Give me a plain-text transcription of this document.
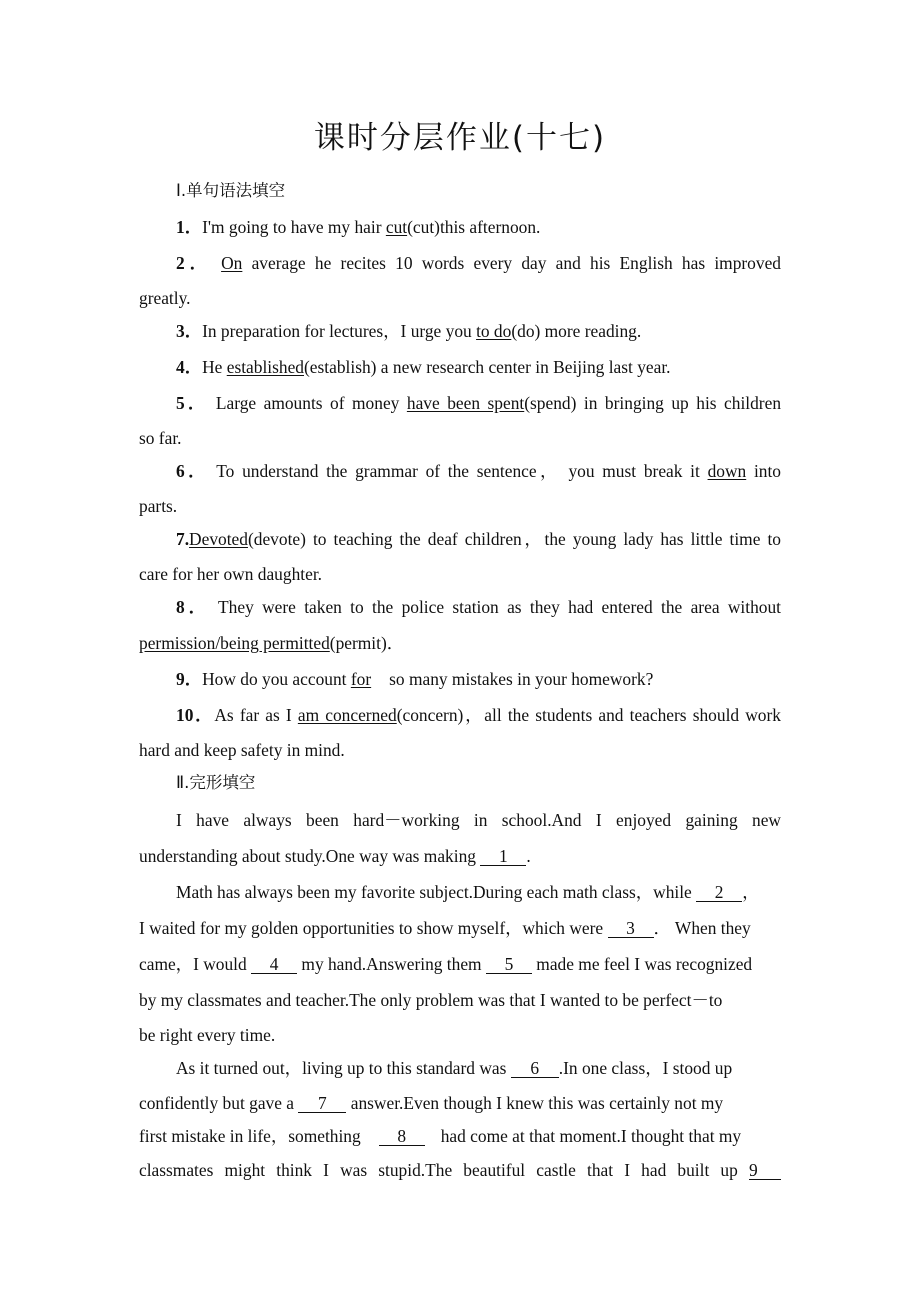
课时分层作业(十七)
Ⅰ.单句语法填空
1．I'm going to have my hair cut(cut)this afternoon.
2． On average he recites 10 words every day and his English has improved
greatly.
3．In preparation for lectures，I urge you to do(do) more reading.
4．He established(establish) a new research center in Beijing last year.
5． Large amounts of money have been spent(spend) in bringing up his children
so far.
6． To understand the grammar of the sentence， you must break it down into
parts.
7.Devoted(devote) to teaching the deaf children，the young lady has little time to
care for her own daughter.
8． They were taken to the police station as they had entered the area without
permission/being permitted(permit)．
9．How do you account for so many mistakes in your homework?
10．As far as I am concerned(concern)，all the students and teachers should work
hard and keep safety in mind.
Ⅱ.完形填空
I have always been hard－working in school.And I enjoyed gaining new
understanding about study.One way was making 1 .
Math has always been my favorite subject.During each math class，while 2 ，
I waited for my golden opportunities to show myself，which were 3 ． When they
came，I would 4 my hand.Answering them 5 made me feel I was recognized
by my classmates and teacher.The only problem was that I wanted to be perfect－to
be right every time.
As it turned out，living up to this standard was 6 .In one class，I stood up
confidently but gave a 7 answer.Even though I knew this was certainly not my
first mistake in life，something 8 had come at that moment.I thought that my
classmates might think I was stupid.The beautiful castle that I had built up 9
